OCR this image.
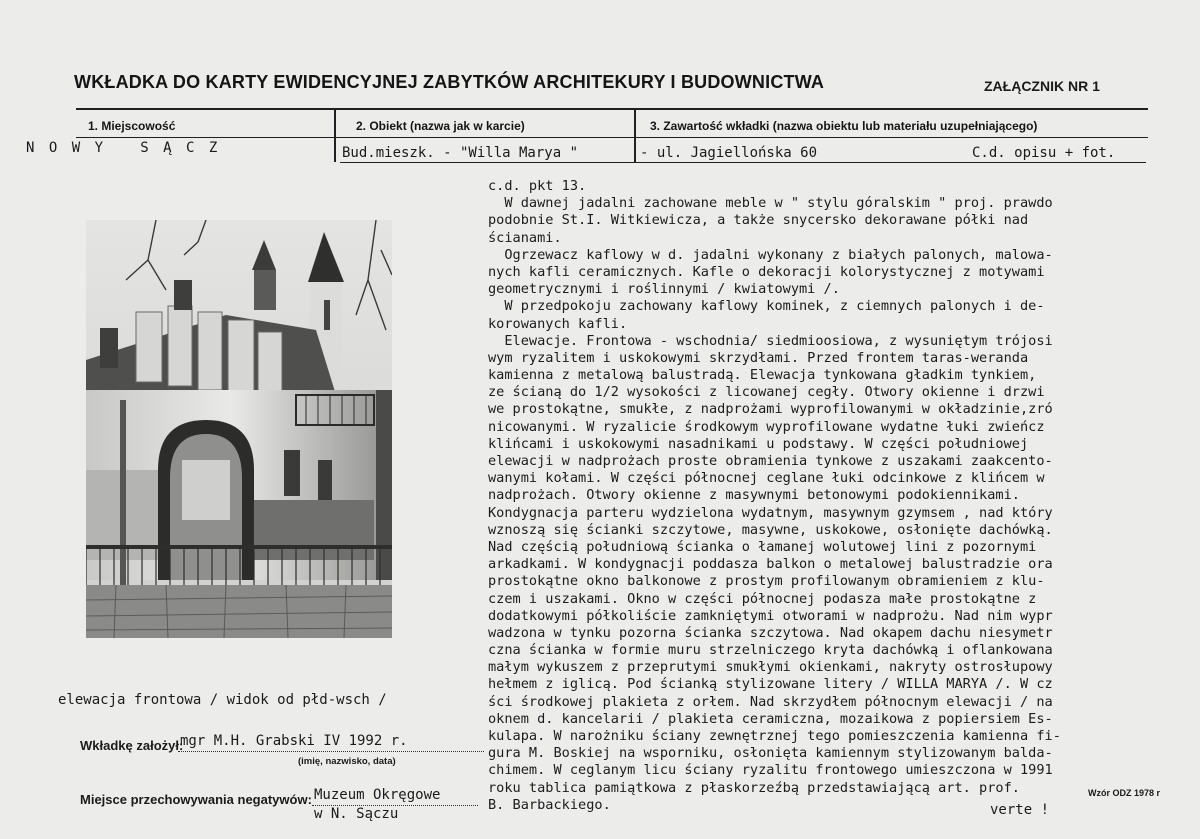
WKŁADKA DO KARTY EWIDENCYJNEJ ZABYTKÓW ARCHITEKURY I BUDOWNICTWA	ZAŁĄCZNIK NR 1
1. Miejscowość	2. Obiekt (nazwa jak w karcie)	3. Zawartość wkładki (nazwa obiektu lub materiału uzupełniającego)
N O W Y   S Ą C Z	Bud.mieszk. - "Willa Marya "	- ul. Jagiellońska 60	C.d. opisu + fot.
elewacja frontowa / widok od płd-wsch /
c.d. pkt 13.
W dawnej jadalni zachowane meble w " stylu góralskim " proj. prawdo
podobnie St.I. Witkiewicza, a także snycersko dekorawane półki nad
ścianami.
Ogrzewacz kaflowy w d. jadalni wykonany z białych palonych, malowa-
nych kafli ceramicznych. Kafle o dekoracji kolorystycznej z motywami
geometrycznymi i roślinnymi / kwiatowymi /.
W przedpokoju zachowany kaflowy kominek, z ciemnych palonych i de-
korowanych kafli.
Elewacje. Frontowa - wschodnia/ siedmioosiowa, z wysuniętym trójosi
wym ryzalitem i uskokowymi skrzydłami. Przed frontem taras-weranda
kamienna z metalową balustradą. Elewacja tynkowana gładkim tynkiem,
ze ścianą do 1/2 wysokości z licowanej cegły. Otwory okienne i drzwi
we prostokątne, smukłe, z nadprożami wyprofilowanymi w okładzinie,zró
nicowanymi. W ryzalicie środkowym wyprofilowane wydatne łuki zwieńcz
klińcami i uskokowymi nasadnikami u podstawy. W części południowej
elewacji w nadprożach proste obramienia tynkowe z uszakami zaakcento-
wanymi kołami. W części północnej ceglane łuki odcinkowe z klińcem w
nadprożach. Otwory okienne z masywnymi betonowymi podokiennikami.
Kondygnacja parteru wydzielona wydatnym, masywnym gzymsem , nad który
wznoszą się ścianki szczytowe, masywne, uskokowe, osłonięte dachówką.
Nad częścią południową ścianka o łamanej wolutowej lini z pozornymi
arkadkami. W kondygnacji poddasza balkon o metalowej balustradzie ora
prostokątne okno balkonowe z prostym profilowanym obramieniem z klu-
czem i uszakami. Okno w części północnej podasza małe prostokątne z
dodatkowymi półkoliście zamkniętymi otworami w nadprożu. Nad nim wypr
wadzona w tynku pozorna ścianka szczytowa. Nad okapem dachu niesymetr
czna ścianka w formie muru strzelniczego kryta dachówką i oflankowana
małym wykuszem z przeprutymi smukłymi okienkami, nakryty ostrosłupowy
hełmem z iglicą. Pod ścianką stylizowane litery / WILLA MARYA /. W cz
ści środkowej plakieta z orłem. Nad skrzydłem północnym elewacji / na
oknem d. kancelarii / plakieta ceramiczna, mozaikowa z popiersiem Es-
kulapa. W narożniku ściany zewnętrznej tego pomieszczenia kamienna fi-
gura M. Boskiej na wsporniku, osłonięta kamiennym stylizowanym balda-
chimem. W ceglanym licu ściany ryzalitu frontowego umieszczona w 1991
roku tablica pamiątkowa z płaskorzeźbą przedstawiającą art. prof.
B. Barbackiego.
Wkładkę założył:
mgr M.H. Grabski IV 1992 r.
(imię, nazwisko, data)
Miejsce przechowywania negatywów: Muzeum Okręgowe
w N. Sączu
Wzór ODZ 1978 r
verte !
